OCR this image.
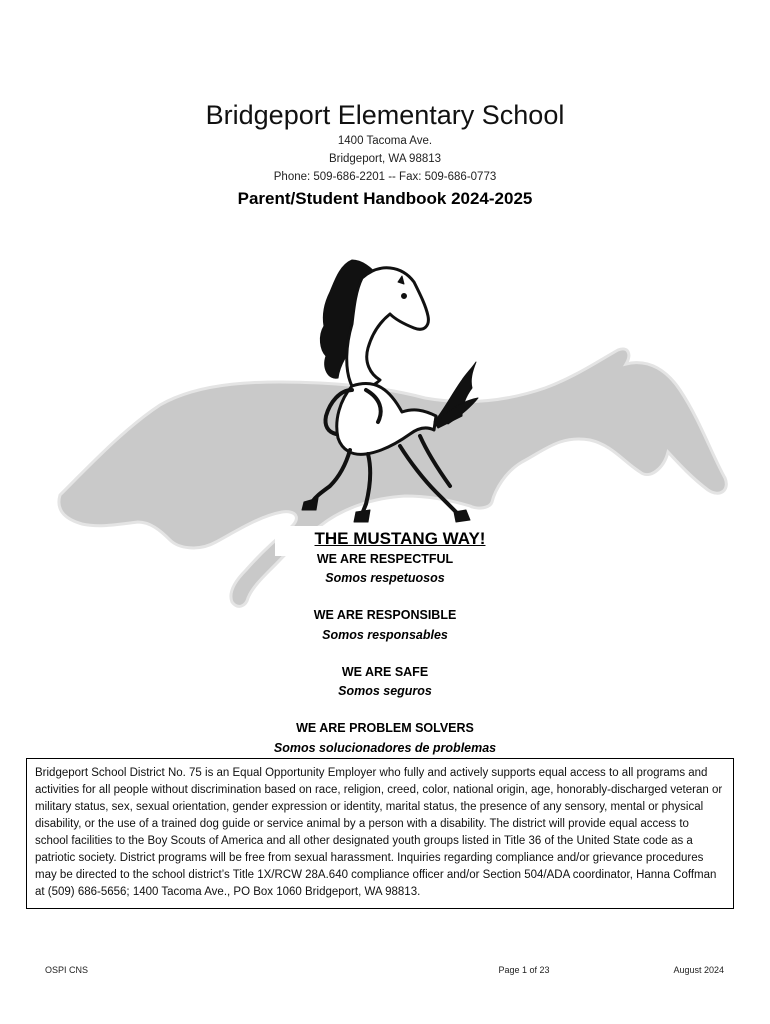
Bridgeport Elementary School
1400 Tacoma Ave.
Bridgeport, WA 98813
Phone: 509-686-2201 -- Fax: 509-686-0773
Parent/Student Handbook 2024-2025
THE MUSTANG WAY!
WE ARE RESPECTFUL
Somos respetuosos
WE ARE RESPONSIBLE
Somos responsables
WE ARE SAFE
Somos seguros
WE ARE PROBLEM SOLVERS
Somos solucionadores de problemas
Bridgeport School District No. 75 is an Equal Opportunity Employer who fully and actively supports equal access to all programs and activities for all people without discrimination based on race, religion, creed, color, national origin, age, honorably-discharged veteran or military status, sex, sexual orientation, gender expression or identity, marital status, the presence of any sensory, mental or physical disability, or the use of a trained dog guide or service animal by a person with a disability. The district will provide equal access to school facilities to the Boy Scouts of America and all other designated youth groups listed in Title 36 of the United State code as a patriotic society. District programs will be free from sexual harassment. Inquiries regarding compliance and/or grievance procedures may be directed to the school district’s Title 1X/RCW 28A.640 compliance officer and/or Section 504/ADA coordinator, Hanna Coffman at (509) 686-5656; 1400 Tacoma Ave., PO Box 1060 Bridgeport, WA 98813.
OSPI CNS	Page 1 of 23	August 2024
